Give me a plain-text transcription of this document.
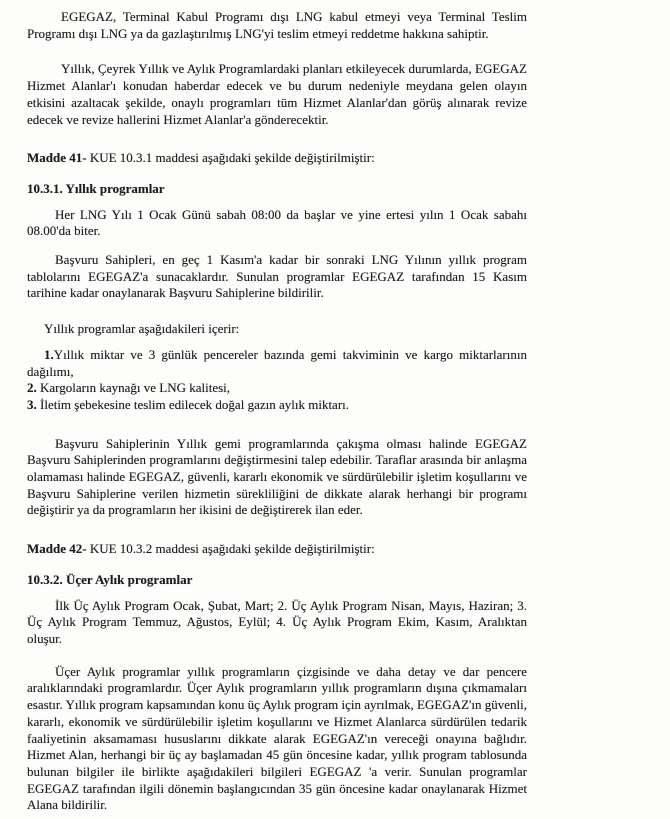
EGEGAZ, Terminal Kabul Programı dışı LNG kabul etmeyi veya Terminal Teslim Programı dışı LNG ya da gazlaştırılmış LNG'yi teslim etmeyi reddetme hakkına sahiptir.

Yıllık, Çeyrek Yıllık ve Aylık Programlardaki planları etkileyecek durumlarda, EGEGAZ Hizmet Alanlar'ı konudan haberdar edecek ve bu durum nedeniyle meydana gelen olayın etkisini azaltacak şekilde, onaylı programları tüm Hizmet Alanlar'dan görüş alınarak revize edecek ve revize hallerini Hizmet Alanlar'a gönderecektir.

Madde 41- KUE 10.3.1 maddesi aşağıdaki şekilde değiştirilmiştir:

10.3.1. Yıllık programlar

Her LNG Yılı 1 Ocak Günü sabah 08:00 da başlar ve yine ertesi yılın 1 Ocak sabahı 08.00'da biter.

Başvuru Sahipleri, en geç 1 Kasım'a kadar bir sonraki LNG Yılının yıllık program tablolarını EGEGAZ'a sunacaklardır. Sunulan programlar EGEGAZ tarafından 15 Kasım tarihine kadar onaylanarak Başvuru Sahiplerine bildirilir.

Yıllık programlar aşağıdakileri içerir:

1.Yıllık miktar ve 3 günlük pencereler bazında gemi takviminin ve kargo miktarlarının dağılımı,

2. Kargoların kaynağı ve LNG kalitesi,

3. İletim şebekesine teslim edilecek doğal gazın aylık miktarı.

Başvuru Sahiplerinin Yıllık gemi programlarında çakışma olması halinde EGEGAZ Başvuru Sahiplerinden programlarını değiştirmesini talep edebilir. Taraflar arasında bir anlaşma olamaması halinde EGEGAZ, güvenli, kararlı ekonomik ve sürdürülebilir işletim koşullarını ve Başvuru Sahiplerine verilen hizmetin sürekliliğini de dikkate alarak herhangi bir programı değiştirir ya da programların her ikisini de değiştirerek ilan eder.

Madde 42- KUE 10.3.2 maddesi aşağıdaki şekilde değiştirilmiştir:

10.3.2. Üçer Aylık programlar

İlk Üç Aylık Program Ocak, Şubat, Mart; 2. Üç Aylık Program Nisan, Mayıs, Haziran; 3. Üç Aylık Program Temmuz, Ağustos, Eylül; 4. Üç Aylık Program Ekim, Kasım, Aralıktan oluşur.

Üçer Aylık programlar yıllık programların çizgisinde ve daha detay ve dar pencere aralıklarındaki programlardır. Üçer Aylık programların yıllık programların dışına çıkmamaları esastır. Yıllık program kapsamından konu üç Aylık program için ayrılmak, EGEGAZ'ın güvenli, kararlı, ekonomik ve sürdürülebilir işletim koşullarını ve Hizmet Alanlarca sürdürülen tedarik faaliyetinin aksamaması hususlarını dikkate alarak EGEGAZ'ın vereceği onayına bağlıdır. Hizmet Alan, herhangi bir üç ay başlamadan 45 gün öncesine kadar, yıllık program tablosunda bulunan bilgiler ile birlikte aşağıdakileri bilgileri EGEGAZ 'a verir. Sunulan programlar EGEGAZ tarafından ilgili dönemin başlangıcından 35 gün öncesine kadar onaylanarak Hizmet Alana bildirilir.
